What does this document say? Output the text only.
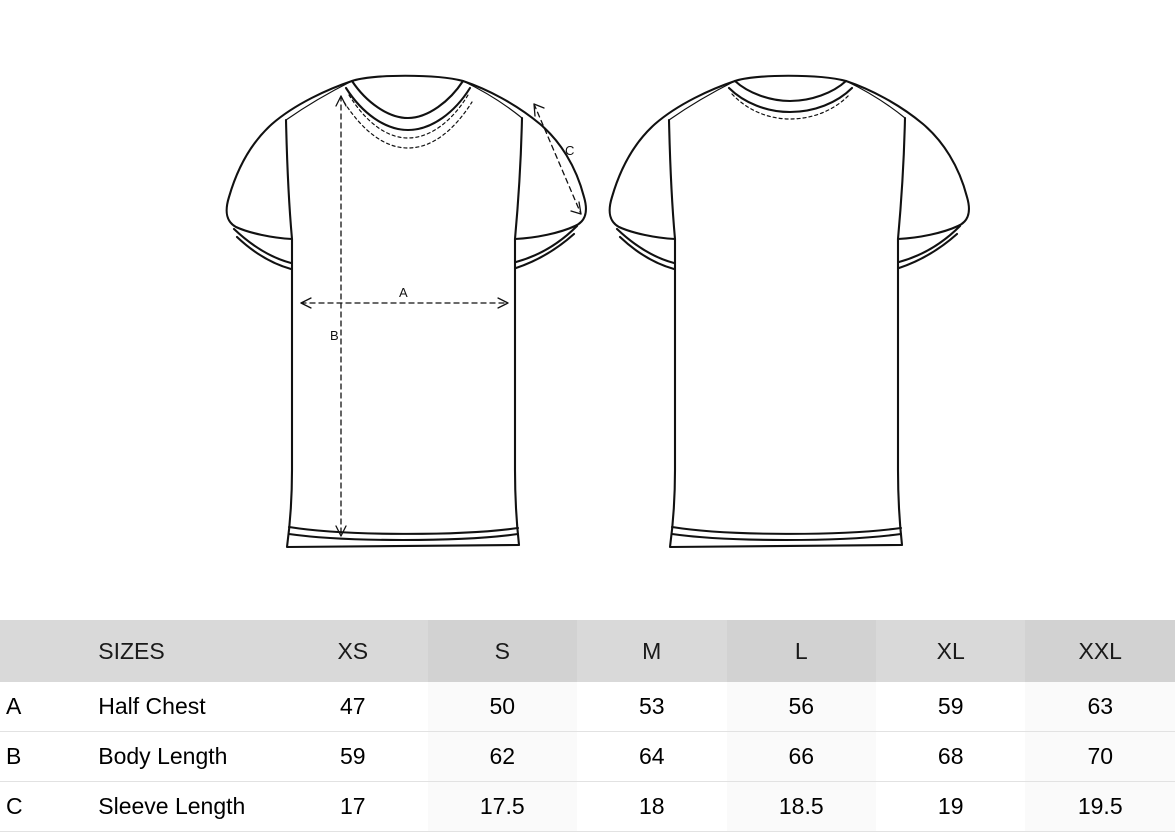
A
B
C
	SIZES	XS	S	M	L	XL	XXL
A	Half Chest	47	50	53	56	59	63
B	Body Length	59	62	64	66	68	70
C	Sleeve Length	17	17.5	18	18.5	19	19.5
